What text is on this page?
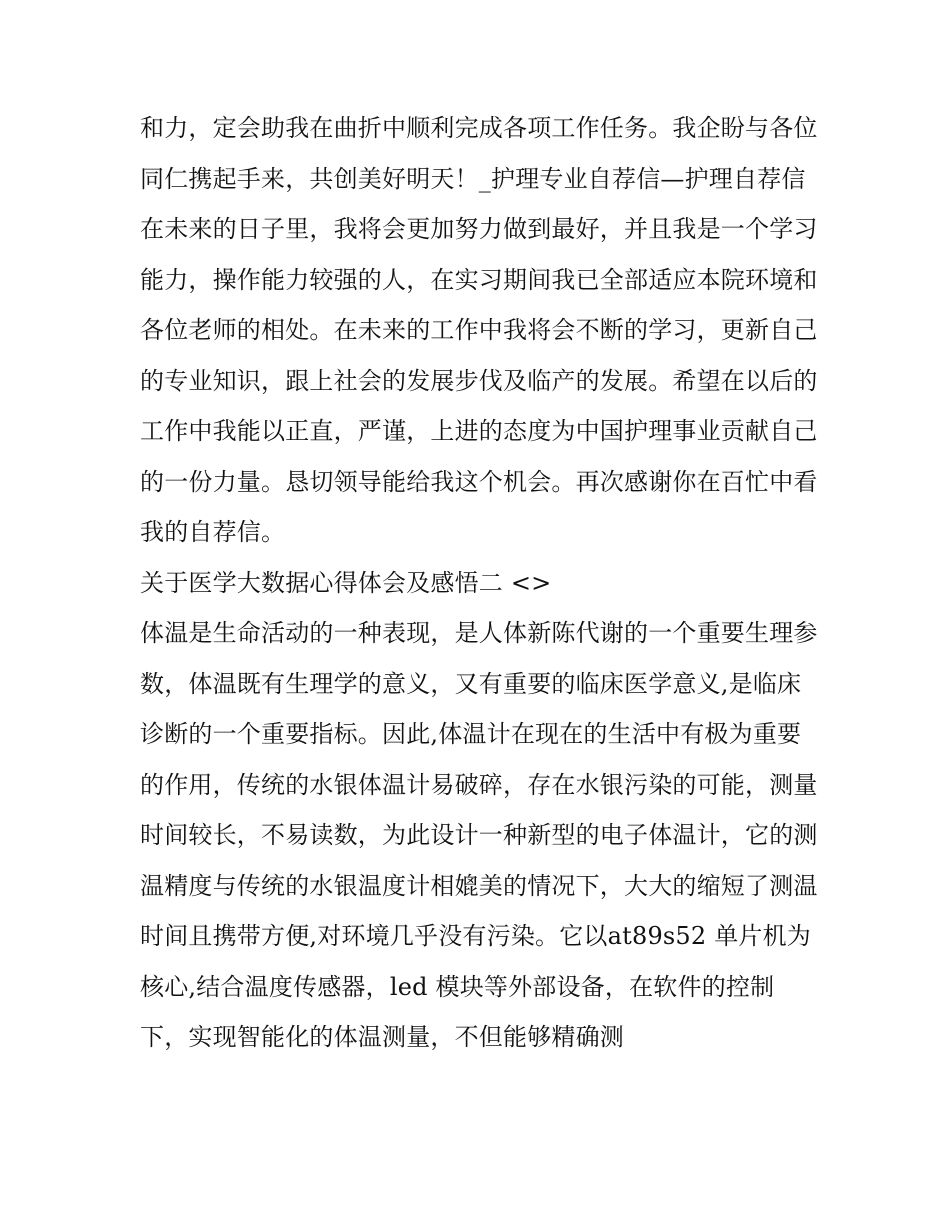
和力，定会助我在曲折中顺利完成各项工作任务。我企盼与各位同仁携起手来，共创美好明天！_护理专业自荐信—护理自荐信

在未来的日子里，我将会更加努力做到最好，并且我是一个学习能力，操作能力较强的人，在实习期间我已全部适应本院环境和各位老师的相处。在未来的工作中我将会不断的学习，更新自己的专业知识，跟上社会的发展步伐及临产的发展。希望在以后的工作中我能以正直，严谨，上进的态度为中国护理事业贡献自己的一份力量。恳切领导能给我这个机会。再次感谢你在百忙中看我的自荐信。

关于医学大数据心得体会及感悟二 <>

体温是生命活动的一种表现，是人体新陈代谢的一个重要生理参数，体温既有生理学的意义，又有重要的临床医学意义,是临床诊断的一个重要指标。因此,体温计在现在的生活中有极为重要的作用，传统的水银体温计易破碎，存在水银污染的可能，测量时间较长，不易读数，为此设计一种新型的电子体温计，它的测温精度与传统的水银温度计相媲美的情况下，大大的缩短了测温时间且携带方便,对环境几乎没有污染。它以at89s52 单片机为核心,结合温度传感器，led 模块等外部设备，在软件的控制下，实现智能化的体温测量，不但能够精确测
